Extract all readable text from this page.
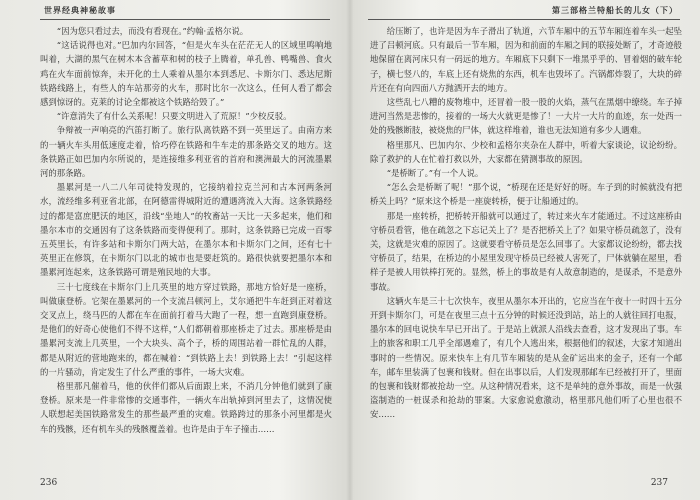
世界经典神秘故事

“因为您只看过去，而没有看现在。”约翰·孟格尔说。

“这话说得也对。”巴加内尔回答，“但是火车头在茫茫无人的区域里鸣响地叫着，大湖的黑气在树木本含蓄草和树的枝子上腾着，单孔兽、鸭嘴兽、食火鸡在火车面前惊奔，未开化的土人乘着从墨尔本到悉尼、卡斯尔门、悉达尼斯铁路线路上，有些人的车站那旁的火车，那时比尔一次这么，任何人看了都会感到惊讶的。克莱的讨论全都被这个铁路给毁了。”

“许意消失了有什么关系呢！只要文明进入了荒原！”少校反驳。

争辩被一声响亮的汽笛打断了。旅行队离铁路不到一英里远了。由南方来的一辆火车头用低速度走着，恰巧停在铁路和牛车走的那条路交叉的地方。这条铁路正如巴加内尔所说的，是连接维多利亚省的首府和澳洲最大的河流墨累河的那条路。

墨累河是一八二八年司徒特发现的，它接纳着拉克兰河和古本河两条河水，流经维多利亚省北部，在阿德雷得城附近的遭遇湾流入大海。这条铁路经过的都是富庶肥沃的地区，沿线“坐地人”的牧畜站一天比一天多起来，他们和墨尔本市的交通因有了这条铁路而变得便利了。那时，这条铁路已完成一百零五英里长，有许多站和卡斯尔门两大站，在墨尔本和卡斯尔门之间，还有七十英里正在修筑，在卡斯尔门以北的城市也是要赶筑的。路很快就要把墨尔本和墨累河连起来，这条铁路可谓是殖民地的大事。

三十七度线在卡斯尔门上几英里的地方穿过铁路，那地方恰好是一座桥，叫做康登桥。它架在墨累河的一个支流吕顿河上，艾尔通把牛车赶到正对着这交叉点上，绕马匹的人都在车在面前打着马大跑了一程，想一直跑到康登桥。是他们的好奇心使他们不得不这样，”人们都朝着那座桥走了过去。那座桥是由墨累河支流上几英里，一个大块头、高个子，桥的周围站着一群忙乱的人群，都是从附近的营地跑来的，都在喊着：“到铁路上去！到铁路上去！”引起这样的一片骚动，肯定发生了什么严重的事件，一场大灾难。

格里那凡催着马，他的伙伴们都从后面跟上来，不消几分钟他们就到了康登桥。原来是一件非常惨的交通事件，一辆火车出轨掉到河里去了，这情况使人联想起美国铁路常发生的那些最严重的灾难。铁路跨过的那条小河里都是火车的残骸，还有机车头的残骸覆盖着。也许是由于车子撞击……

236
第三部格兰特船长的儿女（下）

给压断了，也许是因为车子滑出了轨道，六节车厢中的五节车厢连着车头一起坠进了吕顿河底。只有最后一节车厢，因为和前面的车厢之间的联接处断了，才奇迹般地保留在离河床只有一码远的地方。车厢底下只剩下一堆黑乎乎的、冒着烟的破车轮子，横七竖八的，车底上还有烧焦的东西，机车也毁坏了。汽锅都炸裂了，大块的碎片还在有向四面八方抛洒开去的地方。

这些乱七八糟的废物堆中，还冒着一股一股的火焰，蒸气在黑烟中缭绕。车子掉进河当然是悲惨的，接着的一场大火就更是惨了！一大片一大片的血迹，东一处西一处的残骸断肢，被烧焦的尸体，就这样堆着，谁也无法知道有多少人遇难。

格里那凡、巴加内尔、少校和孟格尔夹杂在人群中，听着大家谈论，议论纷纷。除了救护的人在忙着打救以外，大家都在猜测事故的原因。

“是桥断了。”有一个人说。

“怎么会是桥断了呢！”那个说，“桥现在还是好好的呀。车子到的时候就没有把桥关上吗？”原来这个桥是一座旋转桥，便于让船通过的。

那是一座转桥，把桥转开船就可以通过了，转过来火车才能通过。不过这座桥由守桥员看管，他在疏忽之下忘记关上了？是否把桥关上了？如果守桥员疏忽了，没有关，这就是灾难的原因了。这就要看守桥员是怎么回事了。大家都议论纷纷，都去找守桥员了，结果，在桥边的小屋里发现守桥员已经被人害死了，尸体就躺在屋里，看样子是被人用铁棒打死的。显然，桥上的事故是有人故意制造的，是谋杀，不是意外事故。

这辆火车是三十七次快车，夜里从墨尔本开出的，它应当在午夜十一时四十五分开到卡斯尔门，可是在夜里三点十五分钟的时候还没到站，站上的人就往回打电报，墨尔本的回电说快车早已开出了。于是站上就派人沿线去查看，这才发现出了事。车上的旅客和职工几乎全部遇难了，有几个人逃出来，根据他们的叙述，大家才知道出事时的一些情况。原来快车上有几节车厢装的是从金矿运出来的金子，还有一个邮车，邮车里装满了包裹和钱财。但在出事以后，人们发现那邮车已经被打开了，里面的包裹和钱财都被抢劫一空。从这种情况看来，这不是单纯的意外事故，而是一伙强盗制造的一桩谋杀和抢劫的罪案。大家愈说愈激动，格里那凡他们听了心里也很不安……

237
